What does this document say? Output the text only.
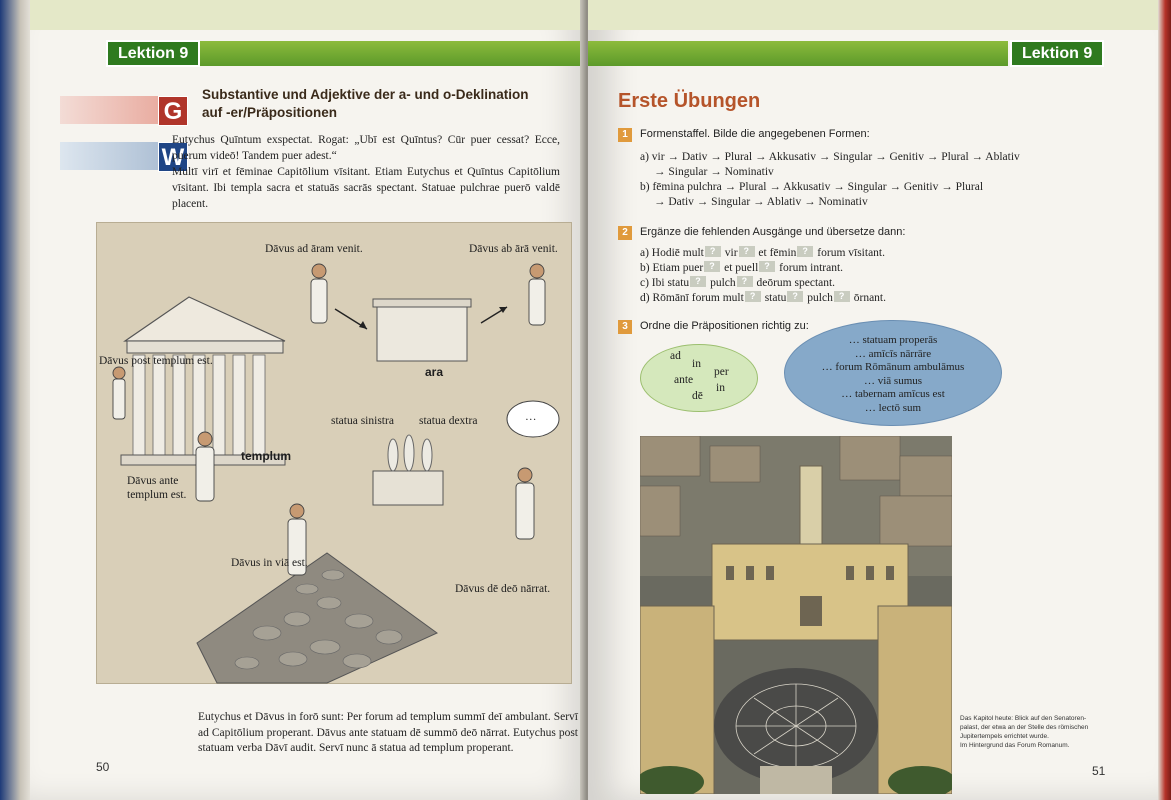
Lektion 9
G
W
Substantive und Adjektive der a- und o-Deklination
auf -er/Präpositionen

Eutychus Quīntum exspectat. Rogat: „Ubī est Quīntus? Cūr puer cessat? Ecce, puerum videō! Tandem puer adest.“

Multī virī et fēminae Capitōlium vīsitant. Etiam Eutychus et Quīntus Capitōlium vīsitant. Ibi templa sacra et statuās sacrās spectant. Statuae pulchrae puerō valdē placent.

Dāvus ad āram venit.	Dāvus ab ārā venit.
Dāvus post templum est.
ara
templum
statua sinistra statua dextra	…
Dāvus ante
templum est.
Dāvus in viā est.
Dāvus dē deō nārrat.
Eutychus et Dāvus in forō sunt: Per forum ad templum summī deī ambulant. Servī ad Capitōlium properant. Dāvus ante statuam dē summō deō nārrat. Eutychus post statuam verba Dāvī audit. Servī nunc ā statua ad templum properant.
50
Lektion 9
Erste Übungen
1	Formenstaffel. Bilde die angegebenen Formen:
a) vir → Dativ → Plural → Akkusativ → Singular → Genitiv → Plural → Ablativ
→ Singular → Nominativ
b) fēmina pulchra → Plural → Akkusativ → Singular → Genitiv → Plural
→ Dativ → Singular → Ablativ → Nominativ
2	Ergänze die fehlenden Ausgänge und übersetze dann:
a) Hodiē mult ? vir ? et fēmin ? forum vīsitant.
b) Etiam puer ? et puell ? forum intrant.
c) Ibi statu ? pulch ? deōrum spectant.
d) Rōmānī forum mult ? statu ? pulch ? ōrnant.
3	Ordne die Präpositionen richtig zu:
ad
in
per
ante
in
dē
… statuam properās
… amīcīs nārrāre
… forum Rōmānum ambulāmus
… viā sumus
… tabernam amīcus est
… lectō sum
Das Kapitol heute: Blick auf den Senatoren-
palast, der etwa an der Stelle des römischen
Jupitertempels errichtet wurde.
Im Hintergrund das Forum Romanum.
51
